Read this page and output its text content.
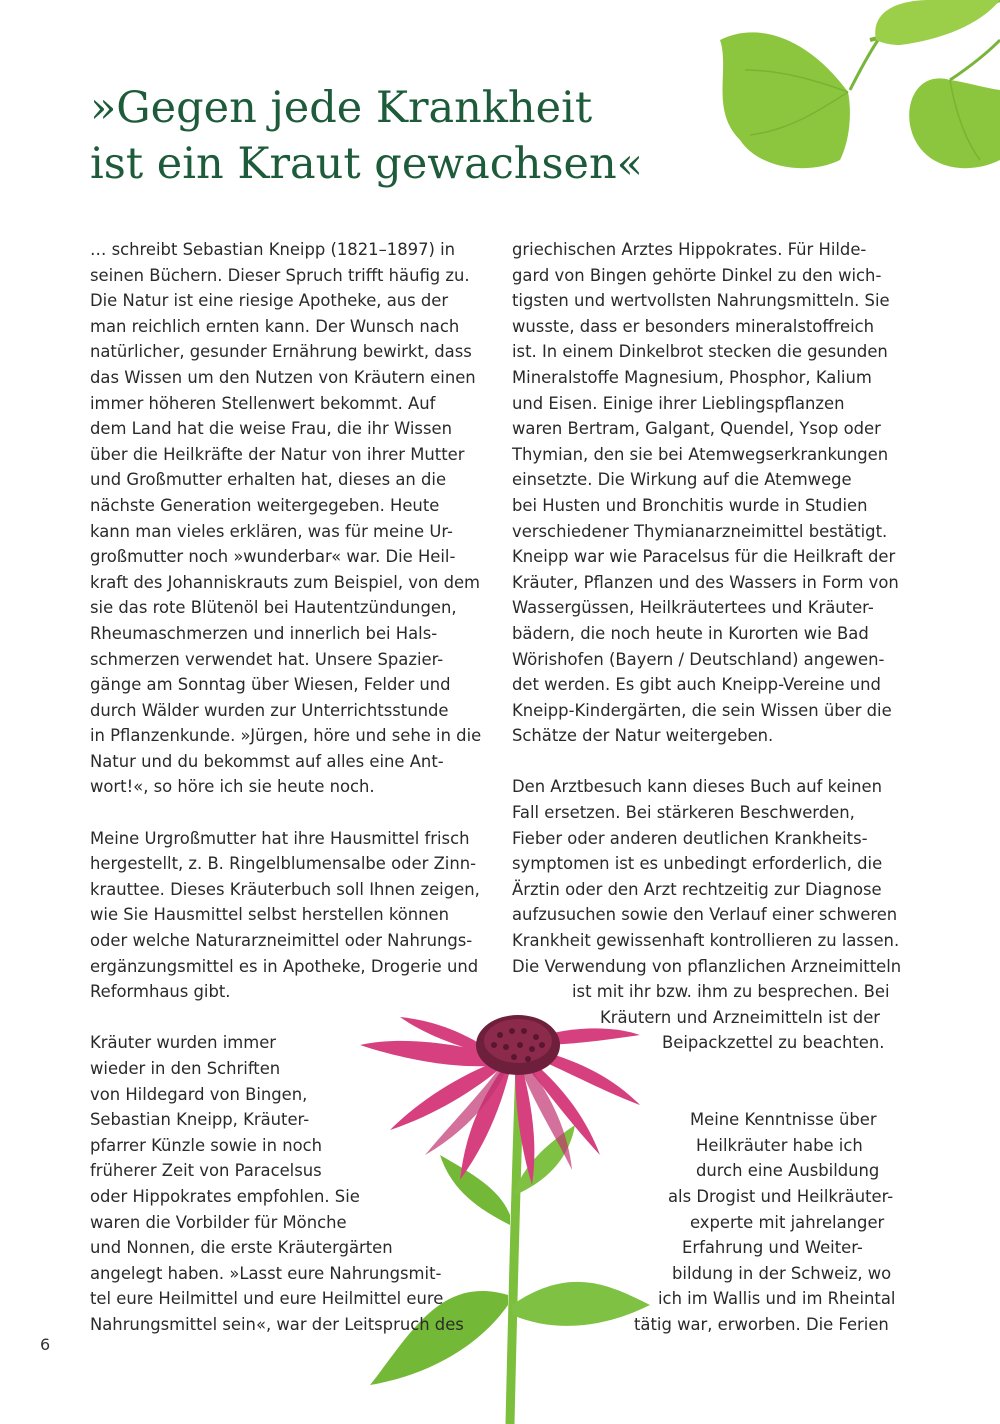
»Gegen jede Krankheit
ist ein Kraut gewachsen«
… schreibt Sebastian Kneipp (1821–1897) in
seinen Büchern. Dieser Spruch trifft häufig zu.
Die Natur ist eine riesige Apotheke, aus der
man reichlich ernten kann. Der Wunsch nach
natürlicher, gesunder Ernährung bewirkt, dass
das Wissen um den Nutzen von Kräutern einen
immer höheren Stellenwert bekommt. Auf
dem Land hat die weise Frau, die ihr Wissen
über die Heilkräfte der Natur von ihrer Mutter
und Großmutter erhalten hat, dieses an die
nächste Generation weitergegeben. Heute
kann man vieles erklären, was für meine Ur-
großmutter noch »wunderbar« war. Die Heil-
kraft des Johanniskrauts zum Beispiel, von dem
sie das rote Blütenöl bei Hautentzündungen,
Rheumaschmerzen und innerlich bei Hals-
schmerzen verwendet hat. Unsere Spazier-
gänge am Sonntag über Wiesen, Felder und
durch Wälder wurden zur Unterrichtsstunde
in Pflanzenkunde. »Jürgen, höre und sehe in die
Natur und du bekommst auf alles eine Ant-
wort!«, so höre ich sie heute noch.
Meine Urgroßmutter hat ihre Hausmittel frisch
hergestellt, z. B. Ringelblumensalbe oder Zinn-
krauttee. Dieses Kräuterbuch soll Ihnen zeigen,
wie Sie Hausmittel selbst herstellen können
oder welche Naturarzneimittel oder Nahrungs-
ergänzungsmittel es in Apotheke, Drogerie und
Reformhaus gibt.
Kräuter wurden immer
wieder in den Schriften
von Hildegard von Bingen,
Sebastian Kneipp, Kräuter-
pfarrer Künzle sowie in noch
früherer Zeit von Paracelsus
oder Hippokrates empfohlen. Sie
waren die Vorbilder für Mönche
und Nonnen, die erste Kräutergärten
angelegt haben. »Lasst eure Nahrungsmit-
tel eure Heilmittel und eure Heilmittel eure
Nahrungsmittel sein«, war der Leitspruch des
griechischen Arztes Hippokrates. Für Hilde-
gard von Bingen gehörte Dinkel zu den wich-
tigsten und wertvollsten Nahrungsmitteln. Sie
wusste, dass er besonders mineralstoffreich
ist. In einem Dinkelbrot stecken die gesunden
Mineralstoffe Magnesium, Phosphor, Kalium
und Eisen. Einige ihrer Lieblingspflanzen
waren Bertram, Galgant, Quendel, Ysop oder
Thymian, den sie bei Atemwegserkrankungen
einsetzte. Die Wirkung auf die Atemwege
bei Husten und Bronchitis wurde in Studien
verschiedener Thymianarzneimittel bestätigt.
Kneipp war wie Paracelsus für die Heilkraft der
Kräuter, Pflanzen und des Wassers in Form von
Wassergüssen, Heilkräutertees und Kräuter-
bädern, die noch heute in Kurorten wie Bad
Wörishofen (Bayern / Deutschland) angewen-
det werden. Es gibt auch Kneipp-Vereine und
Kneipp-Kindergärten, die sein Wissen über die
Schätze der Natur weitergeben.
Den Arztbesuch kann dieses Buch auf keinen
Fall ersetzen. Bei stärkeren Beschwerden,
Fieber oder anderen deutlichen Krankheits-
symptomen ist es unbedingt erforderlich, die
Ärztin oder den Arzt rechtzeitig zur Diagnose
aufzusuchen sowie den Verlauf einer schweren
Krankheit gewissenhaft kontrollieren zu lassen.
Die Verwendung von pflanzlichen Arzneimitteln
ist mit ihr bzw. ihm zu besprechen. Bei
Kräutern und Arzneimitteln ist der
Beipackzettel zu beachten.
Meine Kenntnisse über
Heilkräuter habe ich
durch eine Ausbildung
als Drogist und Heilkräuter-
experte mit jahrelanger
Erfahrung und Weiter-
bildung in der Schweiz, wo
ich im Wallis und im Rheintal
tätig war, erworben. Die Ferien
6
